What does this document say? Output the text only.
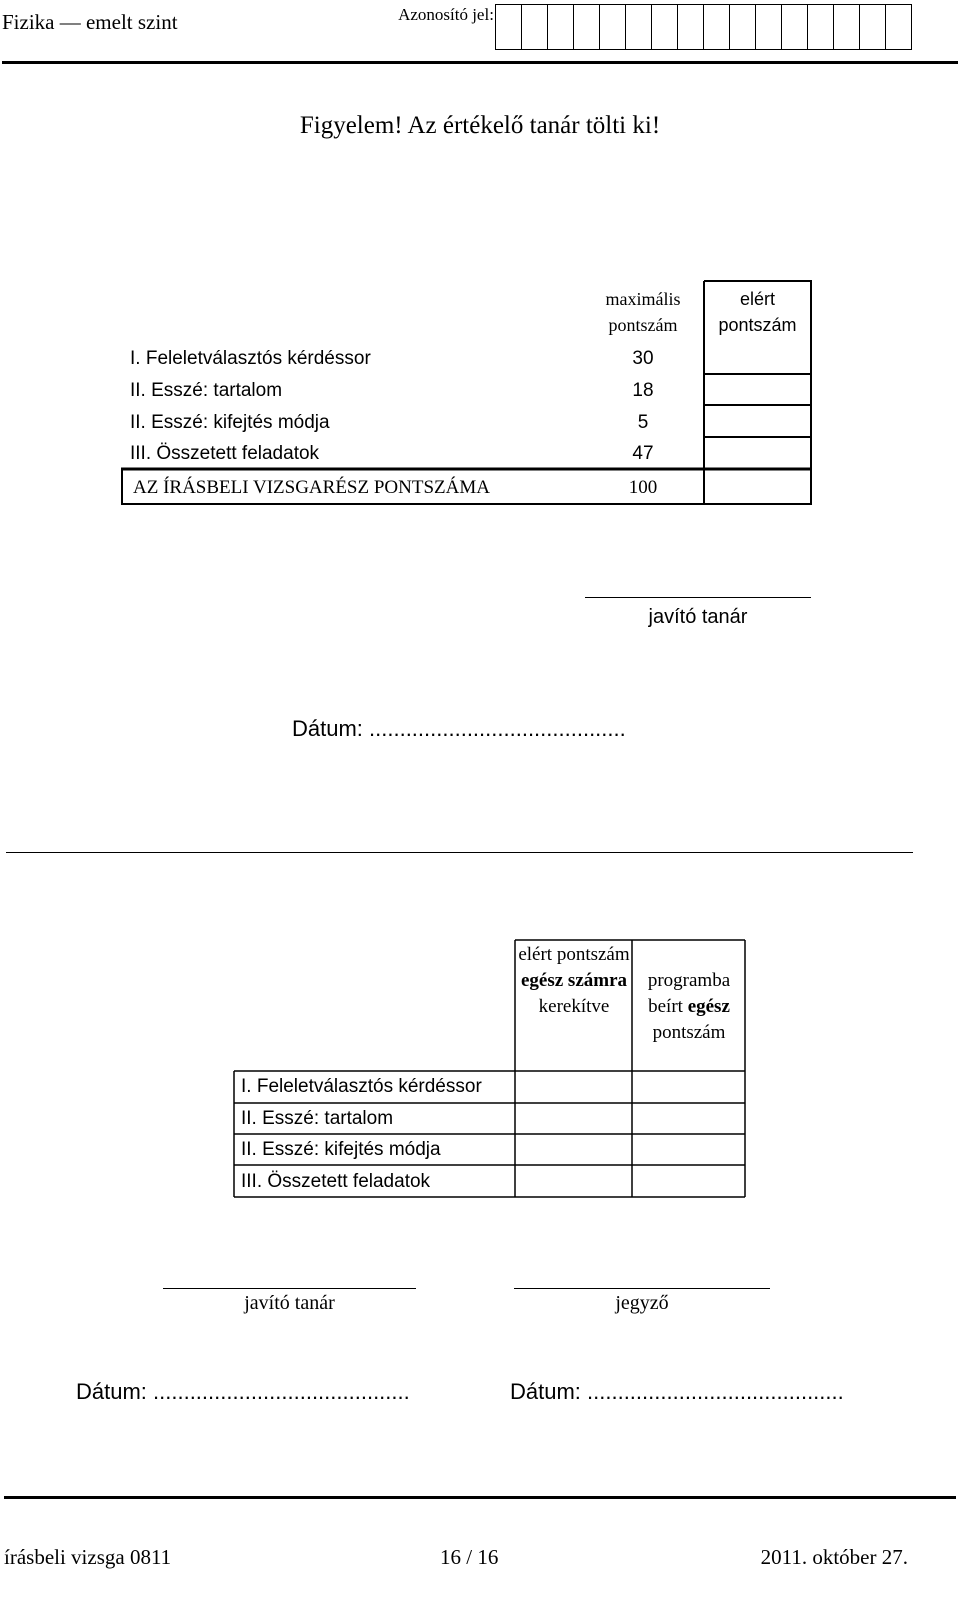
Fizika — emelt szint	Azonosító jel:
Figyelem! Az értékelő tanár tölti ki!
maximális pontszám
elért pontszám
I. Feleletválasztós kérdéssor	30
II. Esszé: tartalom	18
II. Esszé: kifejtés módja	5
III. Összetett feladatok	47
AZ ÍRÁSBELI VIZSGARÉSZ PONTSZÁMA	100
javító tanár
Dátum: ..........................................
elért pontszám
egész számra
kerekítve
programba beírt egész pontszám
I. Feleletválasztós kérdéssor
II. Esszé: tartalom
II. Esszé: kifejtés módja
III. Összetett feladatok
javító tanár	jegyző
Dátum: ..........................................	Dátum: ..........................................
írásbeli vizsga 0811	16 / 16	2011. október 27.
